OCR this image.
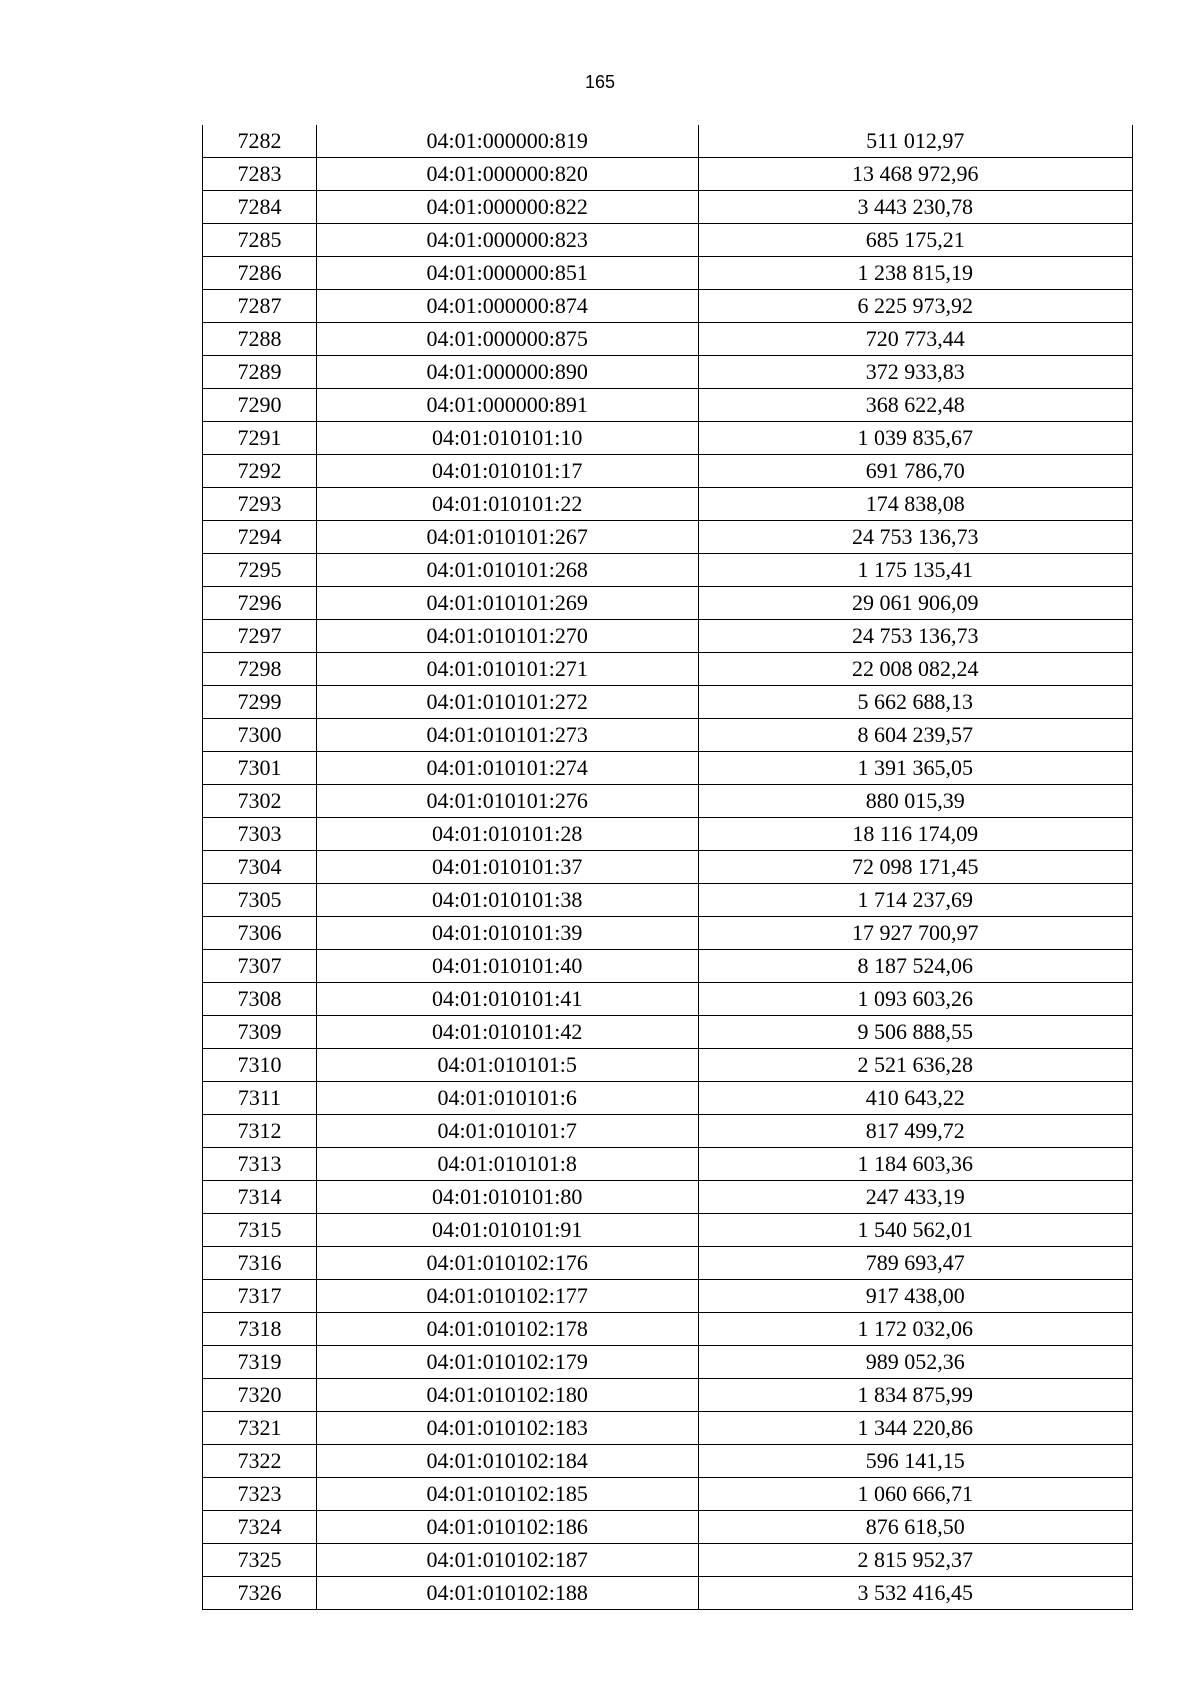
165
7282	04:01:000000:819	511 012,97
7283	04:01:000000:820	13 468 972,96
7284	04:01:000000:822	3 443 230,78
7285	04:01:000000:823	685 175,21
7286	04:01:000000:851	1 238 815,19
7287	04:01:000000:874	6 225 973,92
7288	04:01:000000:875	720 773,44
7289	04:01:000000:890	372 933,83
7290	04:01:000000:891	368 622,48
7291	04:01:010101:10	1 039 835,67
7292	04:01:010101:17	691 786,70
7293	04:01:010101:22	174 838,08
7294	04:01:010101:267	24 753 136,73
7295	04:01:010101:268	1 175 135,41
7296	04:01:010101:269	29 061 906,09
7297	04:01:010101:270	24 753 136,73
7298	04:01:010101:271	22 008 082,24
7299	04:01:010101:272	5 662 688,13
7300	04:01:010101:273	8 604 239,57
7301	04:01:010101:274	1 391 365,05
7302	04:01:010101:276	880 015,39
7303	04:01:010101:28	18 116 174,09
7304	04:01:010101:37	72 098 171,45
7305	04:01:010101:38	1 714 237,69
7306	04:01:010101:39	17 927 700,97
7307	04:01:010101:40	8 187 524,06
7308	04:01:010101:41	1 093 603,26
7309	04:01:010101:42	9 506 888,55
7310	04:01:010101:5	2 521 636,28
7311	04:01:010101:6	410 643,22
7312	04:01:010101:7	817 499,72
7313	04:01:010101:8	1 184 603,36
7314	04:01:010101:80	247 433,19
7315	04:01:010101:91	1 540 562,01
7316	04:01:010102:176	789 693,47
7317	04:01:010102:177	917 438,00
7318	04:01:010102:178	1 172 032,06
7319	04:01:010102:179	989 052,36
7320	04:01:010102:180	1 834 875,99
7321	04:01:010102:183	1 344 220,86
7322	04:01:010102:184	596 141,15
7323	04:01:010102:185	1 060 666,71
7324	04:01:010102:186	876 618,50
7325	04:01:010102:187	2 815 952,37
7326	04:01:010102:188	3 532 416,45
